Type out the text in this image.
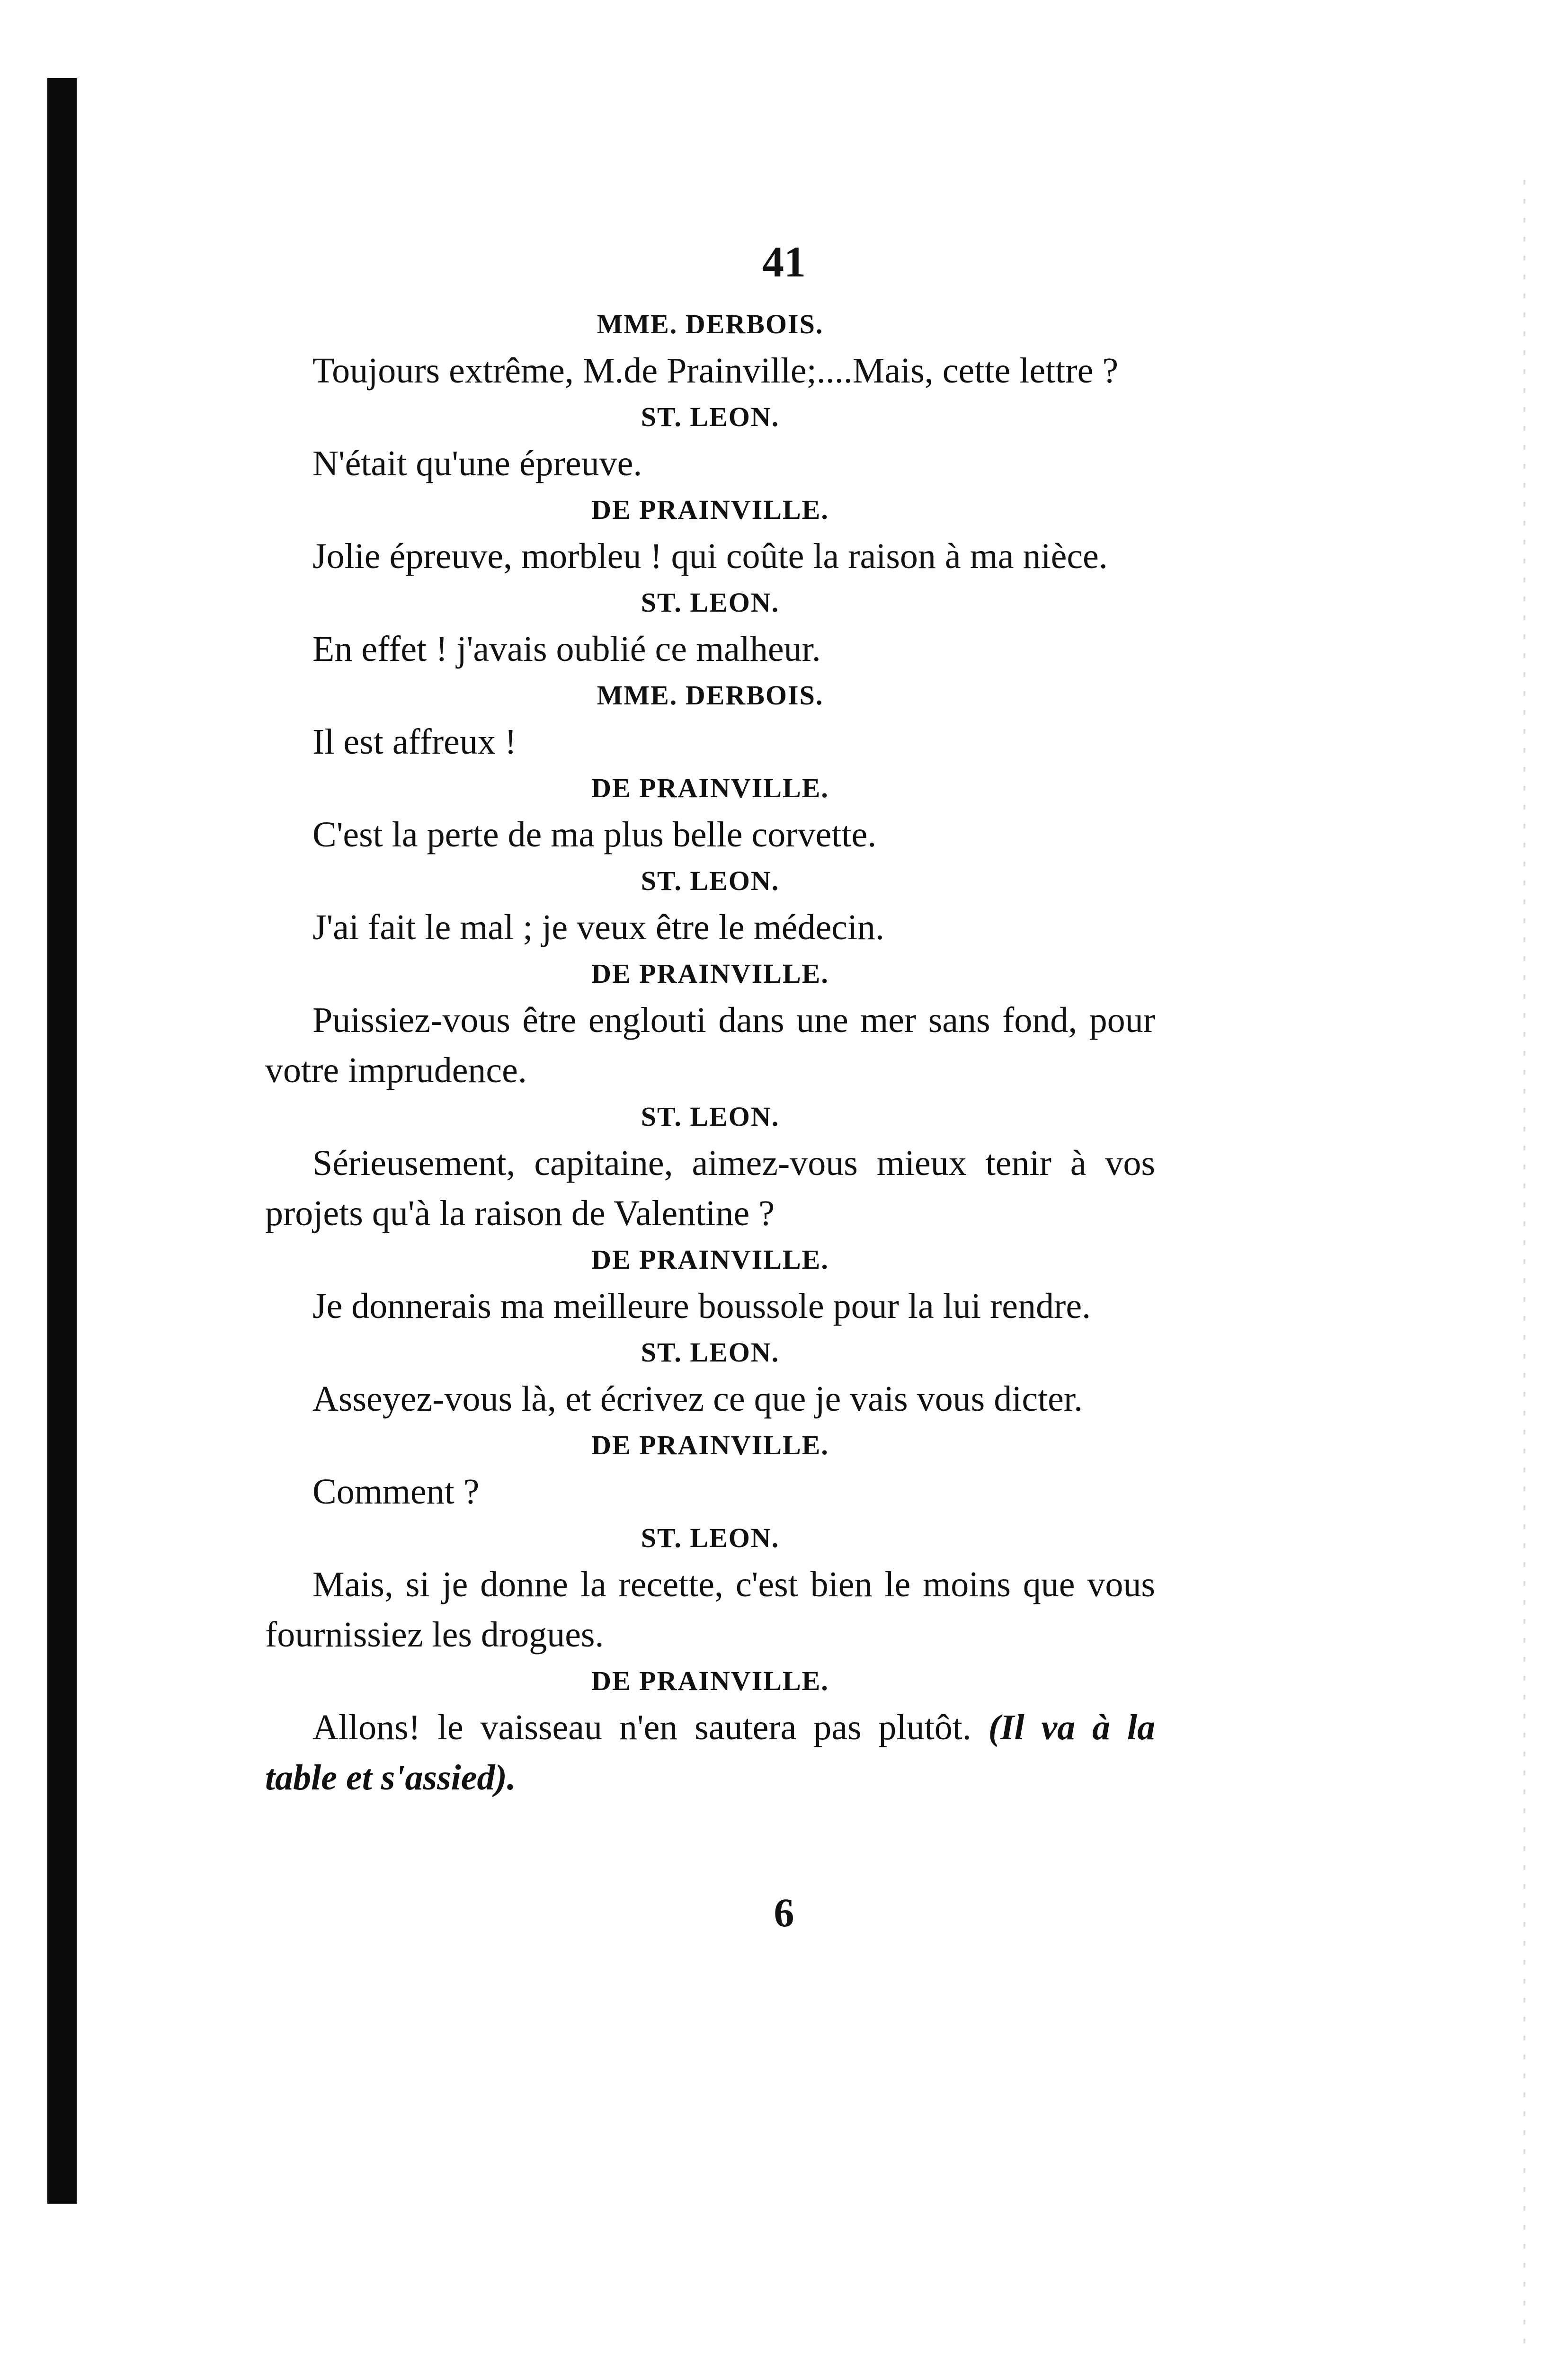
41
MME. DERBOIS.

Toujours extrême, M.de Prainville;....Mais, cette lettre ?

ST. LEON.

N'était qu'une épreuve.

DE PRAINVILLE.

Jolie épreuve, morbleu ! qui coûte la raison à ma nièce.

ST. LEON.

En effet ! j'avais oublié ce malheur.

MME. DERBOIS.

Il est affreux !

DE PRAINVILLE.

C'est la perte de ma plus belle corvette.

ST. LEON.

J'ai fait le mal ; je veux être le médecin.

DE PRAINVILLE.

Puissiez-vous être englouti dans une mer sans fond, pour votre imprudence.

ST. LEON.

Sérieusement, capitaine, aimez-vous mieux tenir à vos projets qu'à la raison de Valentine ?

DE PRAINVILLE.

Je donnerais ma meilleure boussole pour la lui rendre.

ST. LEON.

Asseyez-vous là, et écrivez ce que je vais vous dicter.

DE PRAINVILLE.

Comment ?

ST. LEON.

Mais, si je donne la recette, c'est bien le moins que vous fournissiez les drogues.

DE PRAINVILLE.

Allons! le vaisseau n'en sautera pas plutôt. (Il va à la table et s'assied).

6
